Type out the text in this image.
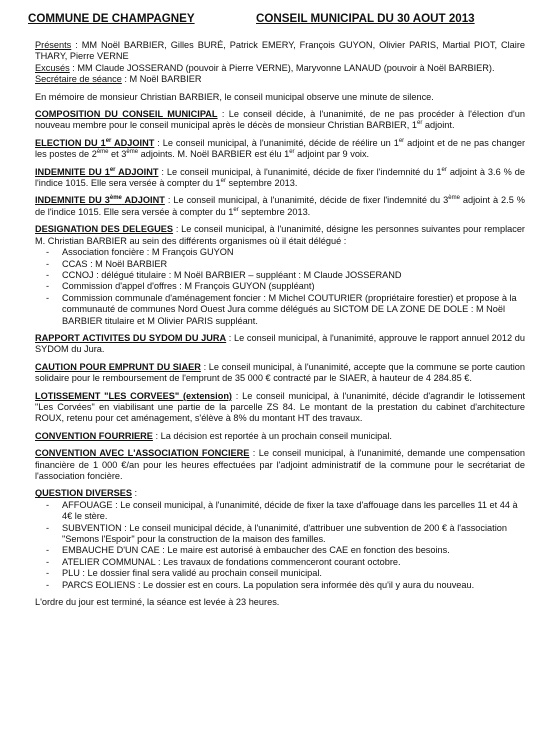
COMMUNE DE CHAMPAGNEY	CONSEIL MUNICIPAL DU 30 AOUT 2013

Présents : MM Noël BARBIER, Gilles BURÉ, Patrick EMERY, François GUYON, Olivier PARIS, Martial PIOT, Claire THARY, Pierre VERNE
Excusés : MM Claude JOSSERAND (pouvoir à Pierre VERNE), Maryvonne LANAUD (pouvoir à Noël BARBIER).
Secrétaire de séance : M Noël BARBIER

En mémoire de monsieur Christian BARBIER, le conseil municipal observe une minute de silence.

COMPOSITION DU CONSEIL MUNICIPAL : Le conseil décide, à l'unanimité, de ne pas procéder à l'élection d'un nouveau membre pour le conseil municipal après le décès de monsieur Christian BARBIER, 1er adjoint.

ELECTION DU 1er ADJOINT : Le conseil municipal, à l'unanimité, décide de réélire un 1er adjoint et de ne pas changer les postes de 2ème et 3ème adjoints. M. Noël BARBIER est élu 1er adjoint par 9 voix.

INDEMNITE DU 1er ADJOINT : Le conseil municipal, à l'unanimité, décide de fixer l'indemnité du 1er adjoint à 3.6 % de l'indice 1015. Elle sera versée à compter du 1er septembre 2013.

INDEMNITE DU 3ème ADJOINT : Le conseil municipal, à l'unanimité, décide de fixer l'indemnité du 3ème adjoint à 2.5 % de l'indice 1015. Elle sera versée à compter du 1er septembre 2013.

DESIGNATION DES DELEGUES : Le conseil municipal, à l'unanimité, désigne les personnes suivantes pour remplacer M. Christian BARBIER au sein des différents organismes où il était délégué :

- Association foncière : M François GUYON
- CCAS : M Noël BARBIER
- CCNOJ : délégué titulaire : M Noël BARBIER – suppléant : M Claude JOSSERAND
- Commission d'appel d'offres : M François GUYON (suppléant)
- Commission communale d'aménagement foncier : M Michel COUTURIER (propriétaire forestier) et propose à la communauté de communes Nord Ouest Jura comme délégués au SICTOM DE LA ZONE DE DOLE : M Noël BARBIER titulaire et M Olivier PARIS suppléant.

RAPPORT ACTIVITES DU SYDOM DU JURA : Le conseil municipal, à l'unanimité, approuve le rapport annuel 2012 du SYDOM du Jura.

CAUTION POUR EMPRUNT DU SIAER : Le conseil municipal, à l'unanimité, accepte que la commune se porte caution solidaire pour le remboursement de l'emprunt de 35 000 € contracté par le SIAER, à hauteur de 4 284.85 €.

LOTISSEMENT "LES CORVEES" (extension) : Le conseil municipal, à l'unanimité, décide d'agrandir le lotissement "Les Corvées" en viabilisant une partie de la parcelle ZS 84. Le montant de la prestation du cabinet d'architecture ROUX, retenu pour cet aménagement, s'élève à 8% du montant HT des travaux.

CONVENTION FOURRIERE : La décision est reportée à un prochain conseil municipal.

CONVENTION AVEC L'ASSOCIATION FONCIERE : Le conseil municipal, à l'unanimité, demande une compensation financière de 1 000 €/an pour les heures effectuées par l'adjoint administratif de la commune pour le secrétariat de l'association foncière.

QUESTION DIVERSES :

- AFFOUAGE : Le conseil municipal, à l'unanimité, décide de fixer la taxe d'affouage dans les parcelles 11 et 44 à 4€ le stère.
- SUBVENTION : Le conseil municipal décide, à l'unanimité, d'attribuer une subvention de 200 € à l'association "Semons l'Espoir" pour la construction de la maison des familles.
- EMBAUCHE D'UN CAE : Le maire est autorisé à embaucher des CAE en fonction des besoins.
- ATELIER COMMUNAL : Les travaux de fondations commenceront courant octobre.
- PLU : Le dossier final sera validé au prochain conseil municipal.
- PARCS EOLIENS : Le dossier est en cours. La population sera informée dès qu'il y aura du nouveau.

L'ordre du jour est terminé, la séance est levée à 23 heures.
